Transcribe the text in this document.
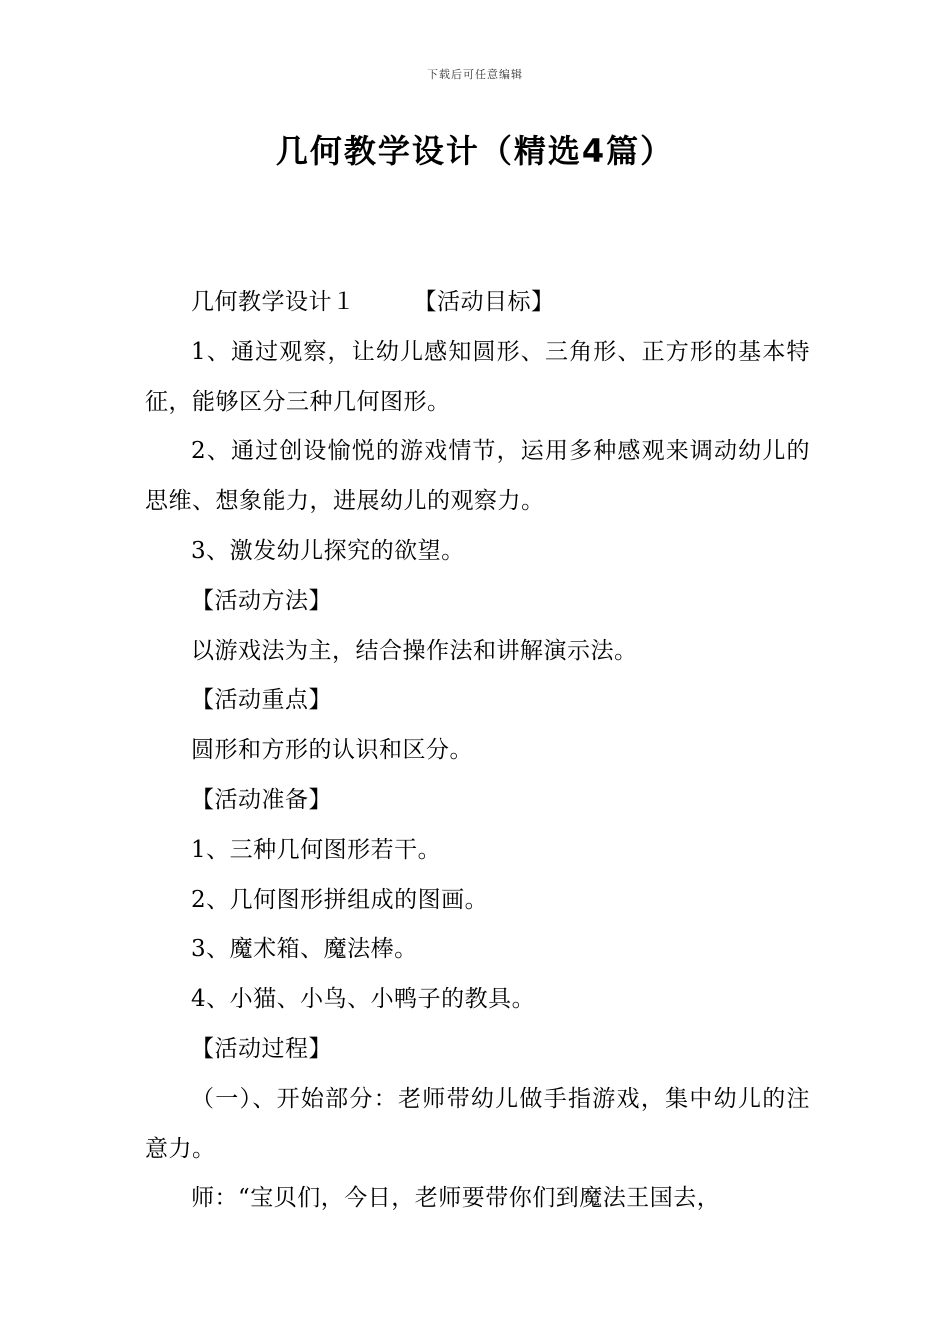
下载后可任意编辑
几何教学设计（精选4篇）

几何教学设计１	【活动目标】

1、通过观察，让幼儿感知圆形、三角形、正方形的基本特征，能够区分三种几何图形。

2、通过创设愉悦的游戏情节，运用多种感观来调动幼儿的思维、想象能力，进展幼儿的观察力。

3、激发幼儿探究的欲望。

【活动方法】

以游戏法为主，结合操作法和讲解演示法。

【活动重点】

圆形和方形的认识和区分。

【活动准备】

1、三种几何图形若干。

2、几何图形拼组成的图画。

3、魔术箱、魔法棒。

4、小猫、小鸟、小鸭子的教具。

【活动过程】

（一）、开始部分：老师带幼儿做手指游戏，集中幼儿的注意力。

师：“宝贝们，今日，老师要带你们到魔法王国去，
